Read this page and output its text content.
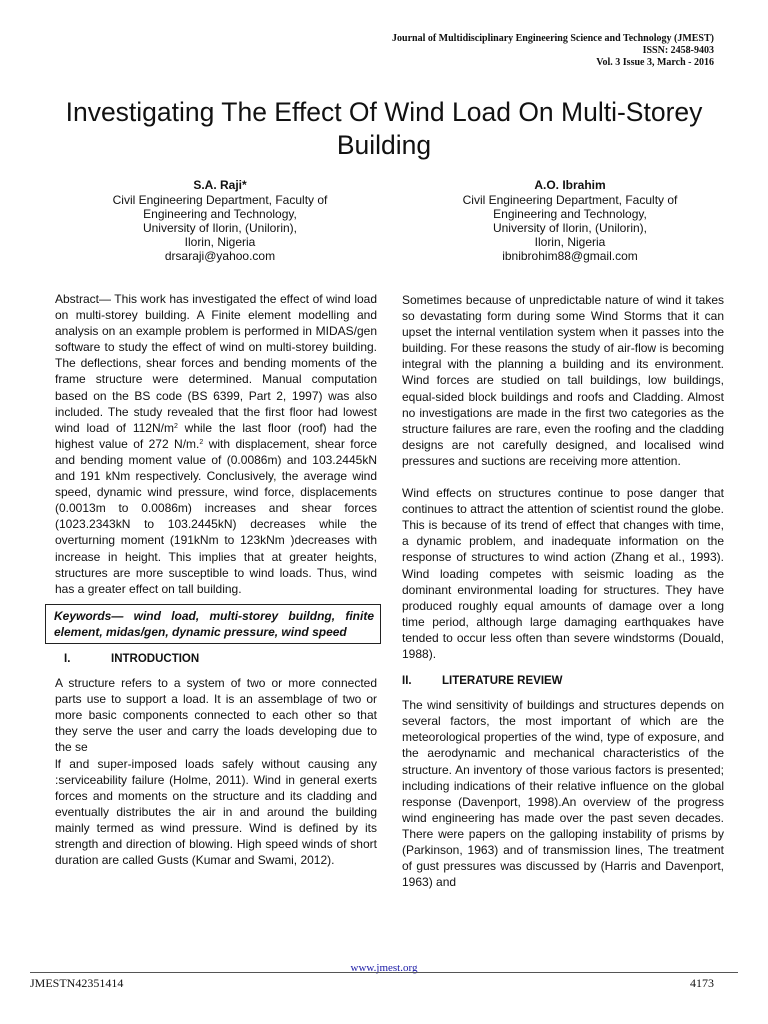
Journal of Multidisciplinary Engineering Science and Technology (JMEST)
ISSN: 2458-9403
Vol. 3 Issue 3, March - 2016
Investigating The Effect Of Wind Load On Multi-Storey Building
S.A. Raji*
Civil Engineering Department, Faculty of
Engineering and Technology,
University of Ilorin, (Unilorin),
Ilorin, Nigeria
drsaraji@yahoo.com
A.O. Ibrahim
Civil Engineering Department, Faculty of
Engineering and Technology,
University of Ilorin, (Unilorin),
Ilorin, Nigeria
ibnibrohim88@gmail.com

Abstract— This work has investigated the effect of wind load on multi-storey building. A Finite element modelling and analysis on an example problem is performed in MIDAS/gen software to study the effect of wind on multi-storey building. The deflections, shear forces and bending moments of the frame structure were determined. Manual computation based on the BS code (BS 6399, Part 2, 1997) was also included. The study revealed that the first floor had lowest wind load of $112N/m^2$ while the last floor (roof) had the highest value of 272 N/m.$^2$ with displacement, shear force and bending moment value of (0.0086m) and 103.2445kN and 191 kNm respectively. Conclusively, the average wind speed, dynamic wind pressure, wind force, displacements (0.0013m to 0.0086m) increases and shear forces (1023.2343kN to 103.2445kN) decreases while the overturning moment (191kNm to 123kNm )decreases with increase in height. This implies that at greater heights, structures are more susceptible to wind loads. Thus, wind has a greater effect on tall building.

Keywords— wind load, multi-storey buildng, finite element, midas/gen, dynamic pressure, wind speed
I.	INTRODUCTION

A structure refers to a system of two or more connected parts use to support a load. It is an assemblage of two or more basic components connected to each other so that they serve the user and carry the loads developing due to the se

lf and super-imposed loads safely without causing any :serviceability failure (Holme, 2011). Wind in general exerts forces and moments on the structure and its cladding and eventually distributes the air in and around the building mainly termed as wind pressure. Wind is defined by its strength and direction of blowing. High speed winds of short duration are called Gusts (Kumar and Swami, 2012).

Sometimes because of unpredictable nature of wind it takes so devastating form during some Wind Storms that it can upset the internal ventilation system when it passes into the building. For these reasons the study of air-flow is becoming integral with the planning a building and its environment. Wind forces are studied on tall buildings, low buildings, equal-sided block buildings and roofs and Cladding. Almost no investigations are made in the first two categories as the structure failures are rare, even the roofing and the cladding designs are not carefully designed, and localised wind pressures and suctions are receiving more attention.

Wind effects on structures continue to pose danger that continues to attract the attention of scientist round the globe. This is because of its trend of effect that changes with time, a dynamic problem, and inadequate information on the response of structures to wind action (Zhang et al., 1993). Wind loading competes with seismic loading as the dominant environmental loading for structures. They have produced roughly equal amounts of damage over a long time period, although large damaging earthquakes have tended to occur less often than severe windstorms (Douald, 1988).

II.	LITERATURE REVIEW

The wind sensitivity of buildings and structures depends on several factors, the most important of which are the meteorological properties of the wind, type of exposure, and the aerodynamic and mechanical characteristics of the structure. An inventory of those various factors is presented; including indications of their relative influence on the global response (Davenport, 1998).An overview of the progress wind engineering has made over the past seven decades. There were papers on the galloping instability of prisms by (Parkinson, 1963) and of transmission lines, The treatment of gust pressures was discussed by (Harris and Davenport, 1963) and

www.jmest.org
JMESTN42351414	4173
